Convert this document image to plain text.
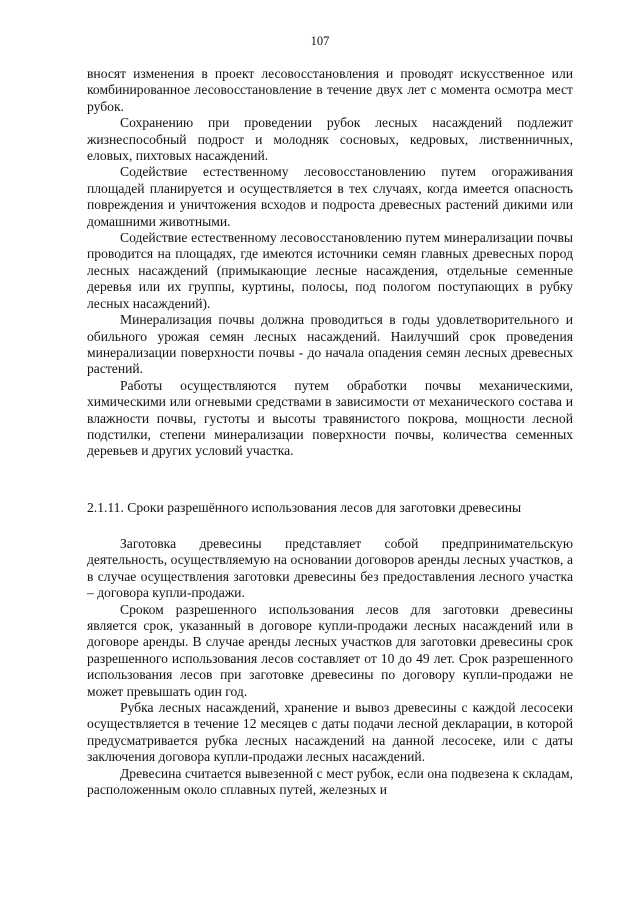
107

вносят изменения в проект лесовосстановления и проводят искусственное или комбинированное лесовосстановление в течение двух лет с момента осмотра мест рубок.

Сохранению при проведении рубок лесных насаждений подлежит жизнеспособный подрост и молодняк сосновых, кедровых, лиственничных, еловых, пихтовых насаждений.

Содействие естественному лесовосстановлению путем огораживания площадей планируется и осуществляется в тех случаях, когда имеется опасность повреждения и уничтожения всходов и подроста древесных растений дикими или домашними животными.

Содействие естественному лесовосстановлению путем минерализации почвы проводится на площадях, где имеются источники семян главных древесных пород лесных насаждений (примыкающие лесные насаждения, отдельные семенные деревья или их группы, куртины, полосы, под пологом поступающих в рубку лесных насаждений).

Минерализация почвы должна проводиться в годы удовлетворительного и обильного урожая семян лесных насаждений. Наилучший срок проведения минерализации поверхности почвы - до начала опадения семян лесных древесных растений.

Работы осуществляются путем обработки почвы механическими, химическими или огневыми средствами в зависимости от механического состава и влажности почвы, густоты и высоты травянистого покрова, мощности лесной подстилки, степени минерализации поверхности почвы, количества семенных деревьев и других условий участка.

2.1.11. Сроки разрешённого использования лесов для заготовки древесины

Заготовка древесины представляет собой предпринимательскую деятельность, осуществляемую на основании договоров аренды лесных участков, а в случае осуществления заготовки древесины без предоставления лесного участка – договора купли-продажи.

Сроком разрешенного использования лесов для заготовки древесины является срок, указанный в договоре купли-продажи лесных насаждений или в договоре аренды. В случае аренды лесных участков для заготовки древесины срок разрешенного использования лесов составляет от 10 до 49 лет. Срок разрешенного использования лесов при заготовке древесины по договору купли-продажи не может превышать один год.

Рубка лесных насаждений, хранение и вывоз древесины с каждой лесосеки осуществляется в течение 12 месяцев с даты подачи лесной декларации, в которой предусматривается рубка лесных насаждений на данной лесосеке, или с даты заключения договора купли-продажи лесных насаждений.

Древесина считается вывезенной с мест рубок, если она подвезена к складам, расположенным около сплавных путей, железных и
